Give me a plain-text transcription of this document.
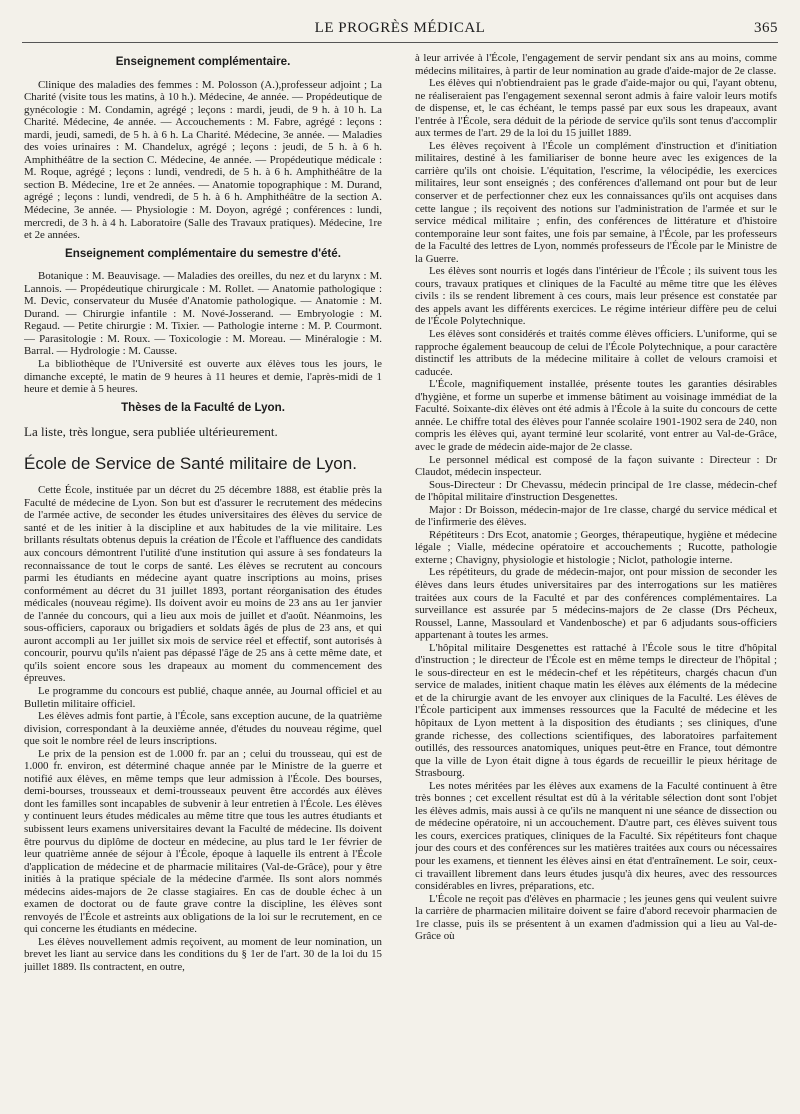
LE PROGRÈS MÉDICAL	365
Enseignement complémentaire.

Clinique des maladies des femmes : M. Polosson (A.),professeur adjoint ; La Charité (visite tous les matins, à 10 h.). Médecine, 4e année. — Propédeutique de gynécologie : M. Condamin, agrégé ; leçons : mardi, jeudi, de 9 h. à 10 h. La Charité. Médecine, 4e année. — Accouchements : M. Fabre, agrégé : leçons : mardi, jeudi, samedi, de 5 h. à 6 h. La Charité. Médecine, 3e année. — Maladies des voies urinaires : M. Chandelux, agrégé ; leçons : jeudi, de 5 h. à 6 h. Amphithéâtre de la section C. Médecine, 4e année. — Propédeutique médicale : M. Roque, agrégé ; leçons : lundi, vendredi, de 5 h. à 6 h. Amphithéâtre de la section B. Médecine, 1re et 2e années. — Anatomie topographique : M. Durand, agrégé ; leçons : lundi, vendredi, de 5 h. à 6 h. Amphithéâtre de la section A. Médecine, 3e année. — Physiologie : M. Doyon, agrégé ; conférences : lundi, mercredi, de 3 h. à 4 h. Laboratoire (Salle des Travaux pratiques). Médecine, 1re et 2e années.

Enseignement complémentaire du semestre d'été.

Botanique : M. Beauvisage. — Maladies des oreilles, du nez et du larynx : M. Lannois. — Propédeutique chirurgicale : M. Rollet. — Anatomie pathologique : M. Devic, conservateur du Musée d'Anatomie pathologique. — Anatomie : M. Durand. — Chirurgie infantile : M. Nové-Josserand. — Embryologie : M. Regaud. — Petite chirurgie : M. Tixier. — Pathologie interne : M. P. Courmont. — Parasitologie : M. Roux. — Toxicologie : M. Moreau. — Minéralogie : M. Barral. — Hydrologie : M. Causse.

La bibliothèque de l'Université est ouverte aux élèves tous les jours, le dimanche excepté, le matin de 9 heures à 11 heures et demie, l'après-midi de 1 heure et demie à 5 heures.

Thèses de la Faculté de Lyon.

La liste, très longue, sera publiée ultérieurement.

École de Service de Santé militaire de Lyon.

Cette École, instituée par un décret du 25 décembre 1888, est établie près la Faculté de médecine de Lyon. Son but est d'assurer le recrutement des médecins de l'armée active, de seconder les études universitaires des élèves du service de santé et de les initier à la discipline et aux habitudes de la vie militaire. Les brillants résultats obtenus depuis la création de l'École et l'affluence des candidats aux concours démontrent l'utilité d'une institution qui assure à ses fondateurs la reconnaissance de tout le corps de santé. Les élèves se recrutent au concours parmi les étudiants en médecine ayant quatre inscriptions au moins, prises conformément au décret du 31 juillet 1893, portant réorganisation des études médicales (nouveau régime). Ils doivent avoir eu moins de 23 ans au 1er janvier de l'année du concours, qui a lieu aux mois de juillet et d'août. Néanmoins, les sous-officiers, caporaux ou brigadiers et soldats âgés de plus de 23 ans, et qui auront accompli au 1er juillet six mois de service réel et effectif, sont autorisés à concourir, pourvu qu'ils n'aient pas dépassé l'âge de 25 ans à cette même date, et qu'ils soient encore sous les drapeaux au moment du commencement des épreuves.

Le programme du concours est publié, chaque année, au Journal officiel et au Bulletin militaire officiel.

Les élèves admis font partie, à l'École, sans exception aucune, de la quatrième division, correspondant à la deuxième année, d'études du nouveau régime, quel que soit le nombre réel de leurs inscriptions.

Le prix de la pension est de 1.000 fr. par an ; celui du trousseau, qui est de 1.000 fr. environ, est déterminé chaque année par le Ministre de la guerre et notifié aux élèves, en même temps que leur admission à l'École. Des bourses, demi-bourses, trousseaux et demi-trousseaux peuvent être accordés aux élèves dont les familles sont incapables de subvenir à leur entretien à l'École. Les élèves y continuent leurs études médicales au même titre que tous les autres étudiants et subissent leurs examens universitaires devant la Faculté de médecine. Ils doivent être pourvus du diplôme de docteur en médecine, au plus tard le 1er février de leur quatrième année de séjour à l'École, époque à laquelle ils entrent à l'École d'application de médecine et de pharmacie militaires (Val-de-Grâce), pour y être initiés à la pratique spéciale de la médecine d'armée. Ils sont alors nommés médecins aides-majors de 2e classe stagiaires. En cas de double échec à un examen de doctorat ou de faute grave contre la discipline, les élèves sont renvoyés de l'École et astreints aux obligations de la loi sur le recrutement, en ce qui concerne les étudiants en médecine.

Les élèves nouvellement admis reçoivent, au moment de leur nomination, un brevet les liant au service dans les conditions du § 1er de l'art. 30 de la loi du 15 juillet 1889. Ils contractent, en outre,

à leur arrivée à l'École, l'engagement de servir pendant six ans au moins, comme médecins militaires, à partir de leur nomination au grade d'aide-major de 2e classe.

Les élèves qui n'obtiendraient pas le grade d'aide-major ou qui, l'ayant obtenu, ne réaliseraient pas l'engagement sexennal seront admis à faire valoir leurs motifs de dispense, et, le cas échéant, le temps passé par eux sous les drapeaux, avant l'entrée à l'École, sera déduit de la période de service qu'ils sont tenus d'accomplir aux termes de l'art. 29 de la loi du 15 juillet 1889.

Les élèves reçoivent à l'École un complément d'instruction et d'initiation militaires, destiné à les familiariser de bonne heure avec les exigences de la carrière qu'ils ont choisie. L'équitation, l'escrime, la vélocipédie, les exercices militaires, leur sont enseignés ; des conférences d'allemand ont pour but de leur conserver et de perfectionner chez eux les connaissances qu'ils ont acquises dans cette langue ; ils reçoivent des notions sur l'administration de l'armée et sur le service médical militaire ; enfin, des conférences de littérature et d'histoire contemporaine leur sont faites, une fois par semaine, à l'École, par les professeurs de la Faculté des lettres de Lyon, nommés professeurs de l'École par le Ministre de la Guerre.

Les élèves sont nourris et logés dans l'intérieur de l'École ; ils suivent tous les cours, travaux pratiques et cliniques de la Faculté au même titre que les élèves civils : ils se rendent librement à ces cours, mais leur présence est constatée par des appels avant les différents exercices. Le régime intérieur diffère peu de celui de l'École Polytechnique.

Les élèves sont considérés et traités comme élèves officiers. L'uniforme, qui se rapproche également beaucoup de celui de l'École Polytechnique, a pour caractère distinctif les attributs de la médecine militaire à collet de velours cramoisi et caducée.

L'École, magnifiquement installée, présente toutes les garanties désirables d'hygiène, et forme un superbe et immense bâtiment au voisinage immédiat de la Faculté. Soixante-dix élèves ont été admis à l'École à la suite du concours de cette année. Le chiffre total des élèves pour l'année scolaire 1901-1902 sera de 240, non compris les élèves qui, ayant terminé leur scolarité, vont entrer au Val-de-Grâce, avec le grade de médecin aide-major de 2e classe.

Le personnel médical est composé de la façon suivante : Directeur : Dr Claudot, médecin inspecteur.

Sous-Directeur : Dr Chevassu, médecin principal de 1re classe, médecin-chef de l'hôpital militaire d'instruction Desgenettes.

Major : Dr Boisson, médecin-major de 1re classe, chargé du service médical et de l'infirmerie des élèves.

Répétiteurs : Drs Ecot, anatomie ; Georges, thérapeutique, hygiène et médecine légale ; Vialle, médecine opératoire et accouchements ; Rucotte, pathologie externe ; Chavigny, physiologie et histologie ; Niclot, pathologie interne.

Les répétiteurs, du grade de médecin-major, ont pour mission de seconder les élèves dans leurs études universitaires par des interrogations sur les matières traitées aux cours de la Faculté et par des conférences complémentaires. La surveillance est assurée par 5 médecins-majors de 2e classe (Drs Pécheux, Roussel, Lanne, Massoulard et Vandenbosche) et par 6 adjudants sous-officiers appartenant à toutes les armes.

L'hôpital militaire Desgenettes est rattaché à l'École sous le titre d'hôpital d'instruction ; le directeur de l'École est en même temps le directeur de l'hôpital ; le sous-directeur en est le médecin-chef et les répétiteurs, chargés chacun d'un service de malades, initient chaque matin les élèves aux éléments de la médecine et de la chirurgie avant de les envoyer aux cliniques de la Faculté. Les élèves de l'École participent aux immenses ressources que la Faculté de médecine et les hôpitaux de Lyon mettent à la disposition des étudiants ; ses cliniques, d'une grande richesse, des collections scientifiques, des laboratoires parfaitement outillés, des ressources anatomiques, uniques peut-être en France, tout démontre que la ville de Lyon était digne à tous égards de recueillir le pieux héritage de Strasbourg.

Les notes méritées par les élèves aux examens de la Faculté continuent à être très bonnes ; cet excellent résultat est dû à la véritable sélection dont sont l'objet les élèves admis, mais aussi à ce qu'ils ne manquent ni une séance de dissection ou de médecine opératoire, ni un accouchement. D'autre part, ces élèves suivent tous les cours, exercices pratiques, cliniques de la Faculté. Six répétiteurs font chaque jour des cours et des conférences sur les matières traitées aux cours ou nécessaires pour les examens, et tiennent les élèves ainsi en état d'entraînement. Le soir, ceux-ci travaillent librement dans leurs études jusqu'à dix heures, avec des ressources considérables en livres, préparations, etc.

L'École ne reçoit pas d'élèves en pharmacie ; les jeunes gens qui veulent suivre la carrière de pharmacien militaire doivent se faire d'abord recevoir pharmacien de 1re classe, puis ils se présentent à un examen d'admission qui a lieu au Val-de-Grâce où
